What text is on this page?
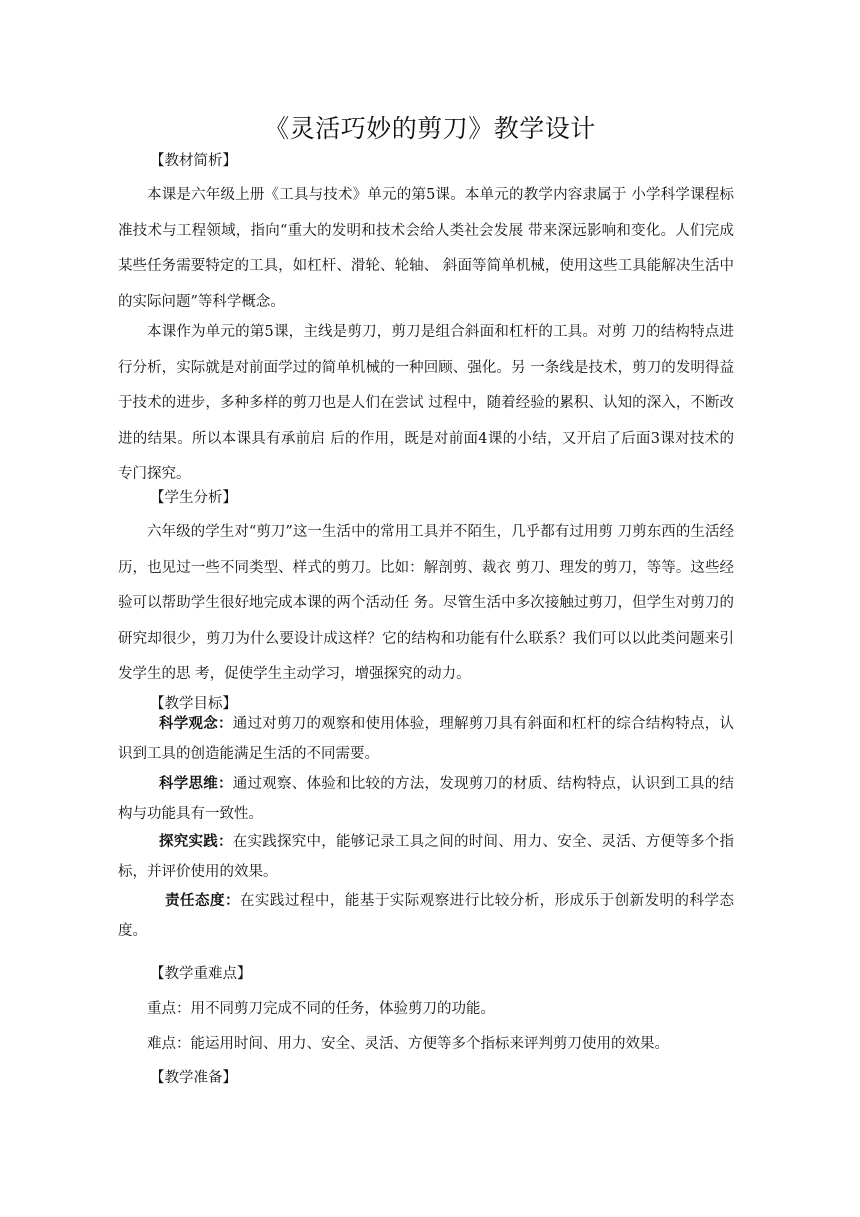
《灵活巧妙的剪刀》教学设计
【教材简析】
本课是六年级上册《工具与技术》单元的第5课。本单元的教学内容隶属于 小学科学课程标准技术与工程领域，指向“重大的发明和技术会给人类社会发展 带来深远影响和变化。人们完成某些任务需要特定的工具，如杠杆、滑轮、轮轴、 斜面等简单机械，使用这些工具能解决生活中的实际问题”等科学概念。
本课作为单元的第5课，主线是剪刀，剪刀是组合斜面和杠杆的工具。对剪 刀的结构特点进行分析，实际就是对前面学过的简单机械的一种回顾、强化。另 一条线是技术，剪刀的发明得益于技术的进步，多种多样的剪刀也是人们在尝试 过程中，随着经验的累积、认知的深入，不断改进的结果。所以本课具有承前启 后的作用，既是对前面4课的小结，又开启了后面3课对技术的专门探究。
【学生分析】
六年级的学生对“剪刀”这一生活中的常用工具并不陌生，几乎都有过用剪 刀剪东西的生活经历，也见过一些不同类型、样式的剪刀。比如：解剖剪、裁衣 剪刀、理发的剪刀，等等。这些经验可以帮助学生很好地完成本课的两个活动任 务。尽管生活中多次接触过剪刀，但学生对剪刀的研究却很少，剪刀为什么要设计成这样？它的结构和功能有什么联系？我们可以以此类问题来引发学生的思 考，促使学生主动学习，增强探究的动力。
【教学目标】
科学观念：通过对剪刀的观察和使用体验，理解剪刀具有斜面和杠杆的综合结构特点，认识到工具的创造能满足生活的不同需要。
科学思维：通过观察、体验和比较的方法，发现剪刀的材质、结构特点，认识到工具的结构与功能具有一致性。
探究实践：在实践探究中，能够记录工具之间的时间、用力、安全、灵活、方便等多个指标，并评价使用的效果。
责任态度：在实践过程中，能基于实际观察进行比较分析，形成乐于创新发明的科学态度。
【教学重难点】
重点：用不同剪刀完成不同的任务，体验剪刀的功能。
难点：能运用时间、用力、安全、灵活、方便等多个指标来评判剪刀使用的效果。
【教学准备】
